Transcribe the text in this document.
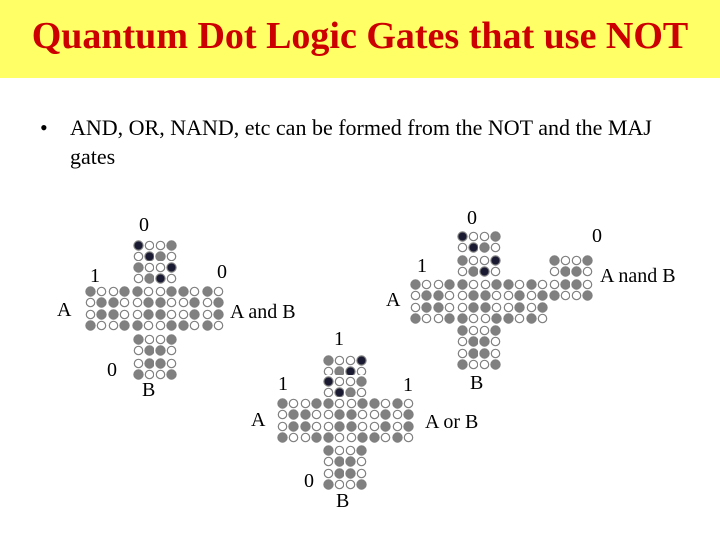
Quantum Dot Logic Gates that use NOT
• AND, OR, NAND, etc can be formed from the NOT and the MAJ gates
0
1
A
0
B
0
A and B
1
1
A
0
B
A or B
0
1
A
1	B
0
A nand B
